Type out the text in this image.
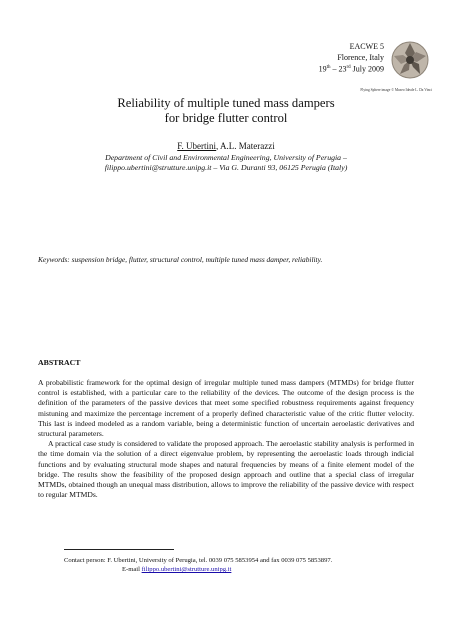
EACWE 5
Florence, Italy
19th – 23rd July 2009
Flying Sphere image © Museo Ideale L. Da Vinci
Reliability of multiple tuned mass dampers
for bridge flutter control
F. Ubertini, A.L. Materazzi
Department of Civil and Environmental Engineering, University of Perugia –
filippo.ubertini@strutture.unipg.it – Via G. Duranti 93, 06125 Perugia (Italy)
Keywords: suspension bridge, flutter, structural control, multiple tuned mass damper, reliability.
ABSTRACT

A probabilistic framework for the optimal design of irregular multiple tuned mass dampers (MTMDs) for bridge flutter control is established, with a particular care to the reliability of the devices. The outcome of the design process is the definition of the parameters of the passive devices that meet some specified robustness requirements against frequency mistuning and maximize the percentage increment of a properly defined characteristic value of the critic flutter velocity. This last is indeed modeled as a random variable, being a deterministic function of uncertain aeroelastic derivatives and structural parameters.

A practical case study is considered to validate the proposed approach. The aeroelastic stability analysis is performed in the time domain via the solution of a direct eigenvalue problem, by representing the aeroelastic loads through indicial functions and by evaluating structural mode shapes and natural frequencies by means of a finite element model of the bridge. The results show the feasibility of the proposed design approach and outline that a special class of irregular MTMDs, obtained though an unequal mass distribution, allows to improve the reliability of the passive device with respect to regular MTMDs.

Contact person: F. Ubertini, University of Perugia, tel. 0039 075 5853954 and fax 0039 075 5853897.
E-mail filippo.ubertini@strutture.unipg.it
